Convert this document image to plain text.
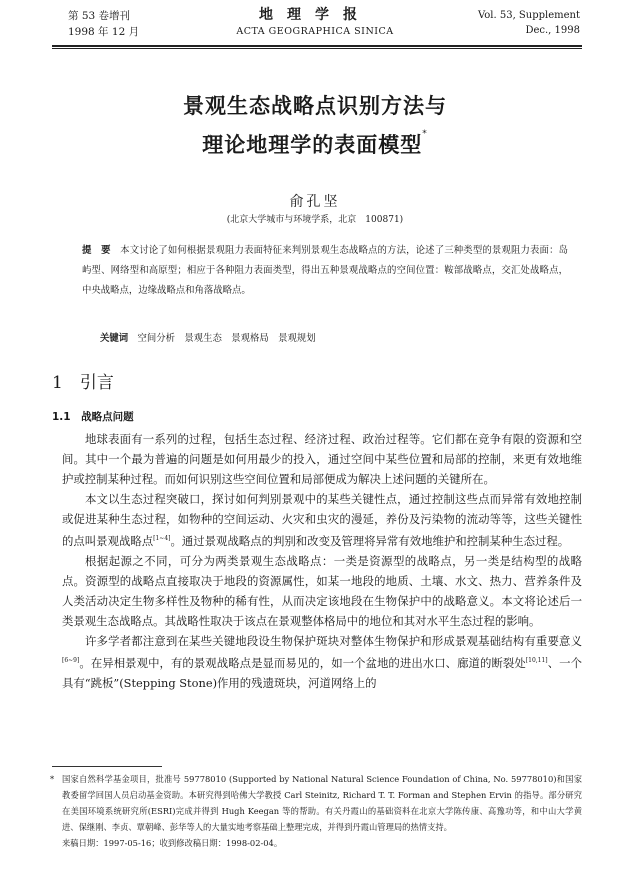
第 53 卷增刊
1998 年 12 月
地理学报
ACTA GEOGRAPHICA SINICA
Vol. 53, Supplement
Dec., 1998
景观生态战略点识别方法与
理论地理学的表面模型*
俞孔坚
(北京大学城市与环境学系，北京　100871)
提　要　 本文讨论了如何根据景观阻力表面特征来判别景观生态战略点的方法，论述了三种类型的景观阻力表面：岛屿型、网络型和高原型；相应于各种阻力表面类型，得出五种景观战略点的空间位置：鞍部战略点，交汇处战略点，中央战略点，边缘战略点和角落战略点。
关键词　 空间分析　景观生态　景观格局　景观规划
1　 引言
1.1　 战略点问题

地球表面有一系列的过程，包括生态过程、经济过程、政治过程等。它们都在竞争有限的资源和空间。其中一个最为普遍的问题是如何用最少的投入，通过空间中某些位置和局部的控制，来更有效地维护或控制某种过程。而如何识别这些空间位置和局部便成为解决上述问题的关键所在。

本文以生态过程突破口，探讨如何判别景观中的某些关键性点，通过控制这些点而异常有效地控制或促进某种生态过程，如物种的空间运动、火灾和虫灾的漫延，养份及污染物的流动等等，这些关键性的点叫景观战略点[1~4]。通过景观战略点的判别和改变及管理将异常有效地维护和控制某种生态过程。

根据起源之不同，可分为两类景观生态战略点：一类是资源型的战略点，另一类是结构型的战略点。资源型的战略点直接取决于地段的资源属性，如某一地段的地质、土壤、水文、热力、营养条件及人类活动决定生物多样性及物种的稀有性，从而决定该地段在生物保护中的战略意义。本文将论述后一类景观生态战略点。其战略性取决于该点在景观整体格局中的地位和其对水平生态过程的影响。

许多学者都注意到在某些关键地段设生物保护斑块对整体生物保护和形成景观基础结构有重要意义[6~9]。在异相景观中，有的景观战略点是显而易见的，如一个盆地的进出水口、廊道的断裂处[10,11]、一个具有“跳板”(Stepping Stone)作用的残遗斑块，河道网络上的

* 国家自然科学基金项目，批准号 59778010 (Supported by National Natural Science Foundation of China, No. 59778010)和国家教委留学回国人员启动基金资助。本研究得到哈佛大学教授 Carl Steinitz, Richard T. T. Forman and Stephen Ervin 的指导。部分研究在美国环境系统研究所(ESRI)完成并得到 Hugh Keegan 等的帮助。有关丹霞山的基础资料在北京大学陈传康、高豫功等，和中山大学黄进、保继刚、李贞、覃朝峰、彭华等人的大量实地考察基础上整理完成，并得到丹霞山管理局的热情支持。
来稿日期：1997-05-16；收到修改稿日期：1998-02-04。
